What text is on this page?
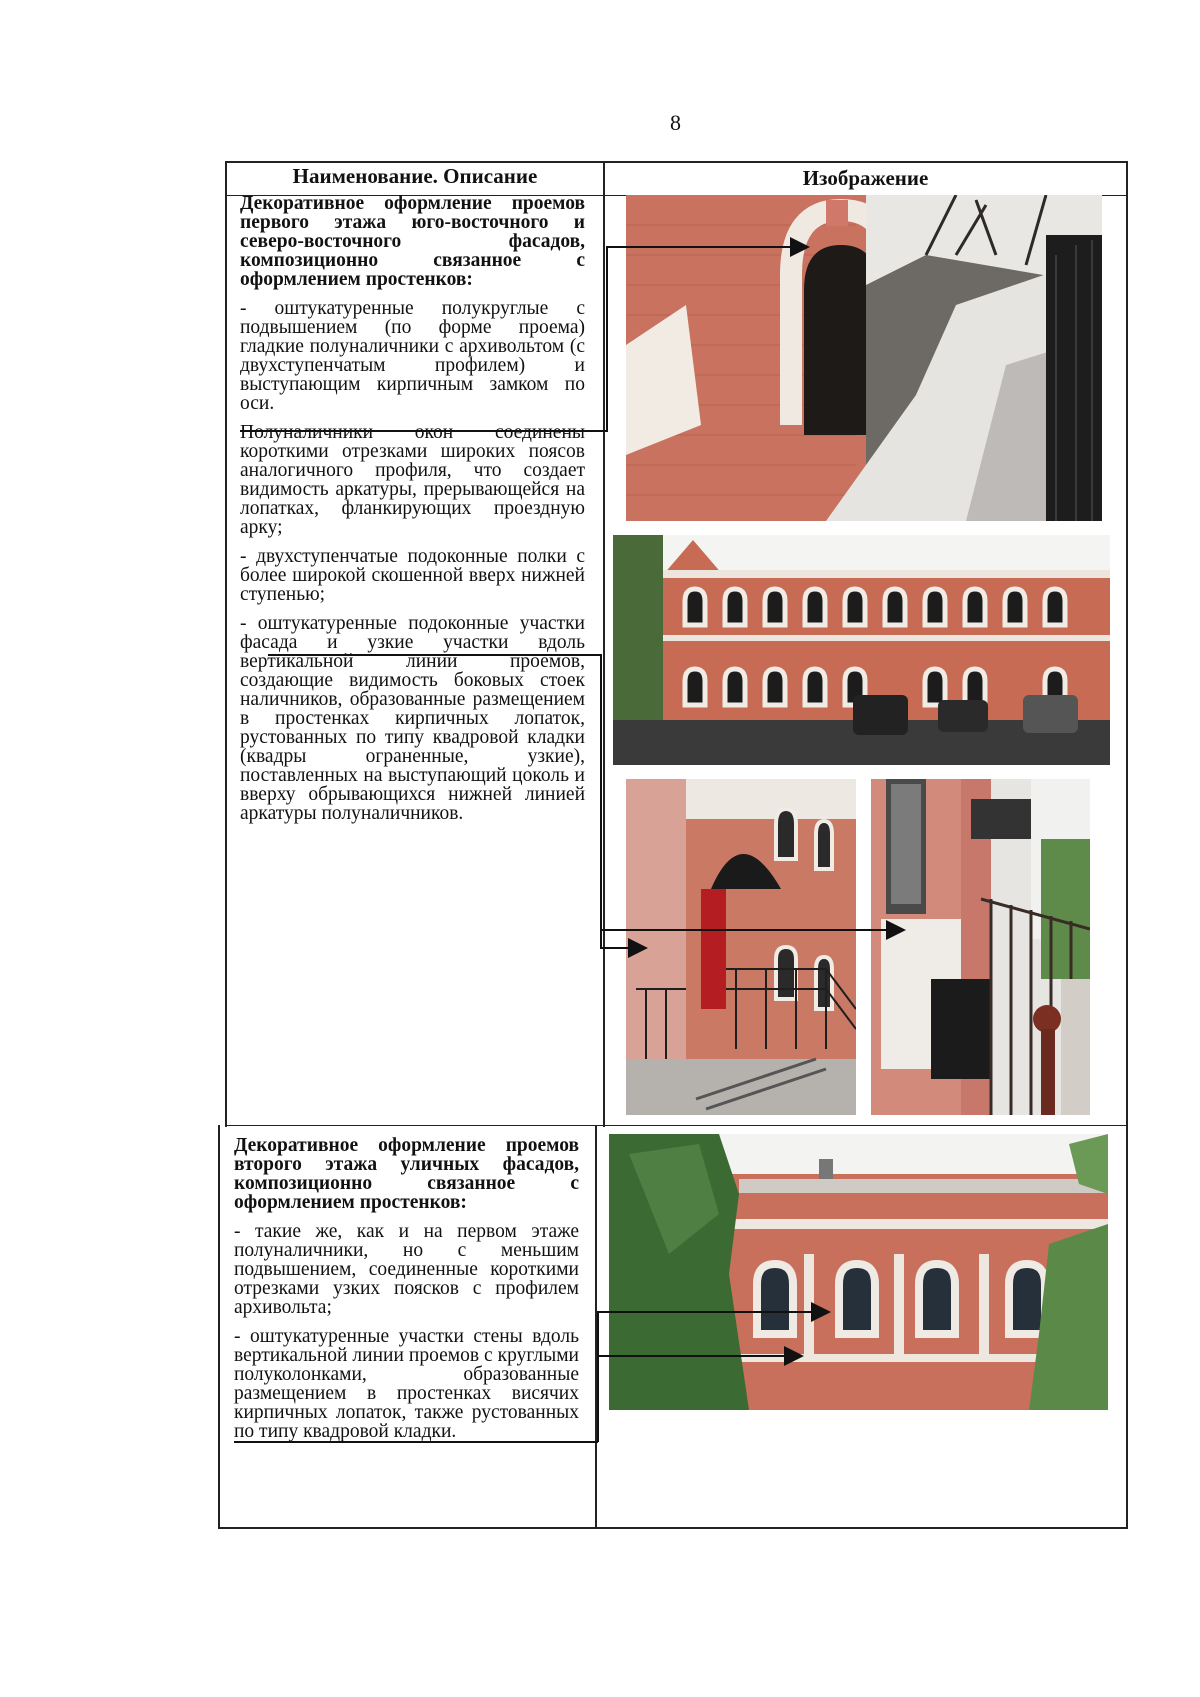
8
Наименование. Описание	Изображение

Декоративное оформление проемов первого этажа юго-восточного и северо-восточного фасадов, композиционно связанное с оформлением простенков:

- оштукатуренные полукруглые с подвышением (по форме проема) гладкие полуналичники с архивольтом (с двухступенчатым профилем) и выступающим кирпичным замком по оси.

Полуналичники окон соединены короткими отрезками широких поясов аналогичного профиля, что создает видимость аркатуры, прерывающейся на лопатках, фланкирующих проездную арку;

- двухступенчатые подоконные полки с более широкой скошенной вверх нижней ступенью;

- оштукатуренные подоконные участки фасада и узкие участки вдоль вертикальной линии проемов, создающие видимость боковых стоек наличников, образованные размещением в простенках кирпичных лопаток, рустованных по типу квадровой кладки (квадры ограненные, узкие), поставленных на выступающий цоколь и вверху обрывающихся нижней линией аркатуры полуналичников.

Декоративное оформление проемов второго этажа уличных фасадов, композиционно связанное с оформлением простенков:

- такие же, как и на первом этаже полуналичники, но с меньшим подвышением, соединенные короткими отрезками узких поясков с профилем архивольта;

- оштукатуренные участки стены вдоль вертикальной линии проемов с круглыми полуколонками, образованные размещением в простенках висячих кирпичных лопаток, также рустованных по типу квадровой кладки.
